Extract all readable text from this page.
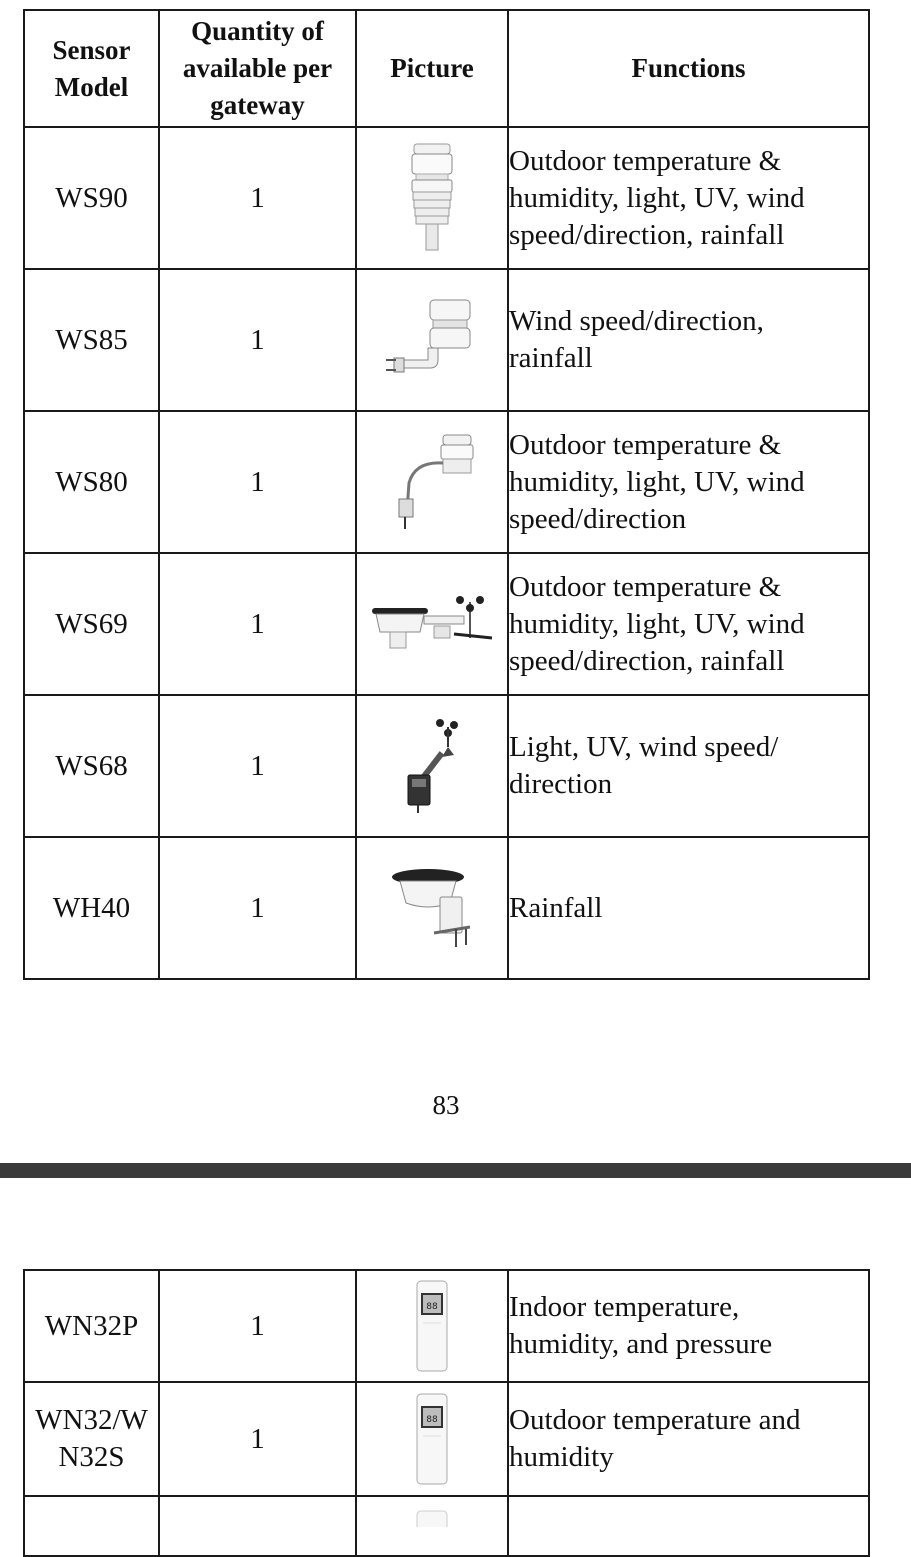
Sensor
Model	Quantity of
available per
gateway	Picture	Functions
WS90	1		Outdoor temperature &
humidity, light, UV, wind
speed/direction, rainfall
WS85	1		Wind speed/direction,
rainfall
WS80	1		Outdoor temperature &
humidity, light, UV, wind
speed/direction
WS69	1		Outdoor temperature &
humidity, light, UV, wind
speed/direction, rainfall
WS68	1		Light, UV, wind speed/
direction
WH40	1		Rainfall
83
WN32P	1	88	Indoor temperature,
humidity, and pressure
WN32/W
N32S	1	88	Outdoor temperature and
humidity
